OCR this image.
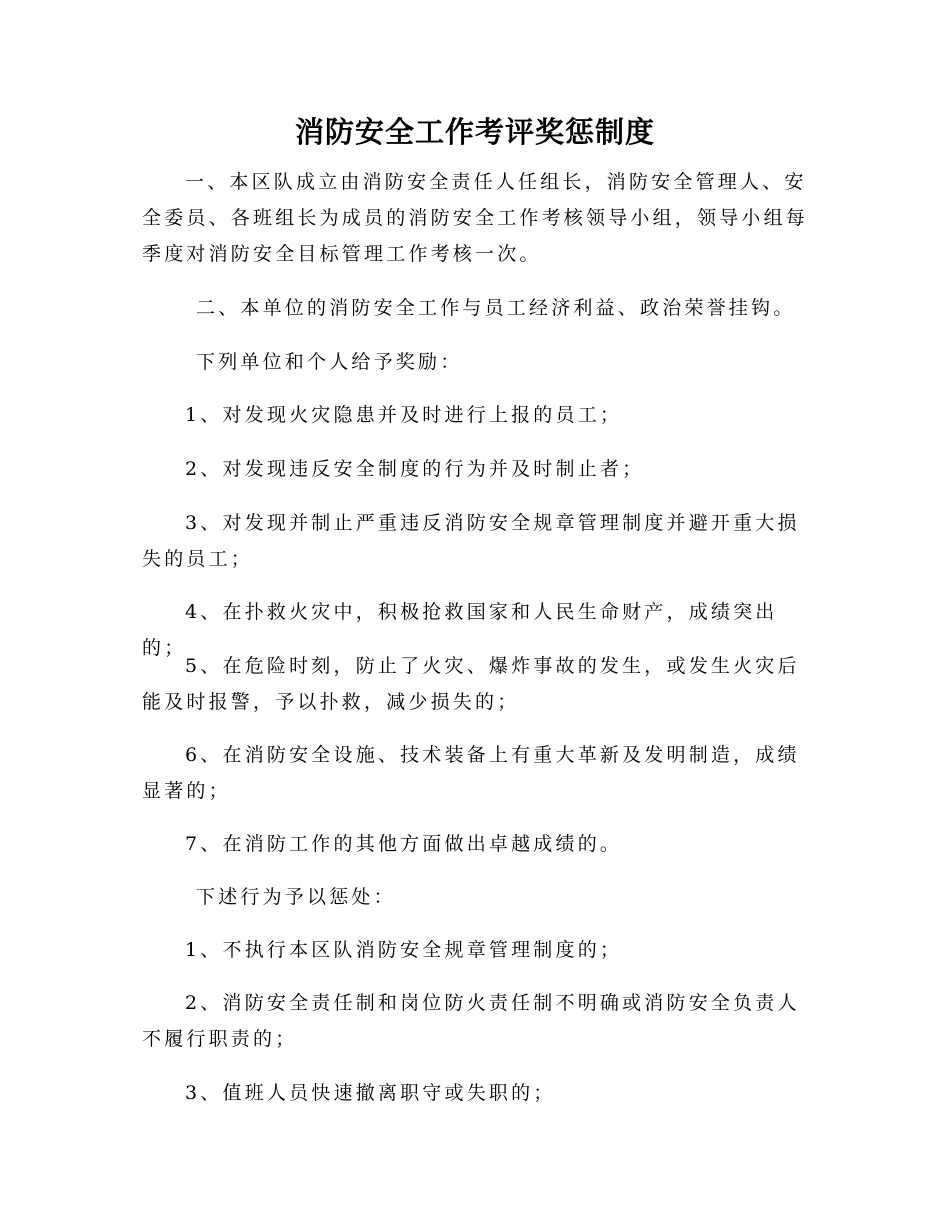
消防安全工作考评奖惩制度

一、本区队成立由消防安全责任人任组长，消防安全管理人、安全委员、各班组长为成员的消防安全工作考核领导小组，领导小组每季度对消防安全目标管理工作考核一次。

二、本单位的消防安全工作与员工经济利益、政治荣誉挂钩。

下列单位和个人给予奖励：

1、对发现火灾隐患并及时进行上报的员工；

2、对发现违反安全制度的行为并及时制止者；

3、对发现并制止严重违反消防安全规章管理制度并避开重大损失的员工；

4、在扑救火灾中，积极抢救国家和人民生命财产，成绩突出的；

5、在危险时刻，防止了火灾、爆炸事故的发生，或发生火灾后能及时报警，予以扑救，减少损失的；

6、在消防安全设施、技术装备上有重大革新及发明制造，成绩显著的；

7、在消防工作的其他方面做出卓越成绩的。

下述行为予以惩处：

1、不执行本区队消防安全规章管理制度的；

2、消防安全责任制和岗位防火责任制不明确或消防安全负责人不履行职责的；

3、值班人员快速撤离职守或失职的；
